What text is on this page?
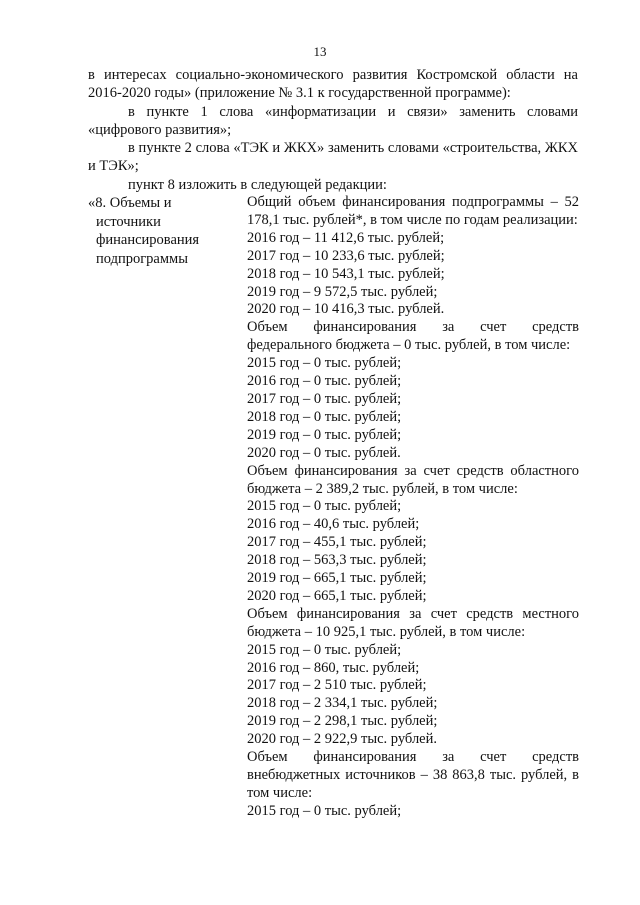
13

в интересах социально-экономического развития Костромской области на 2016-2020 годы» (приложение № 3.1 к государственной программе):

в пункте 1 слова «информатизации и связи» заменить словами «цифрового развития»;

в пункте 2 слова «ТЭК и ЖКХ» заменить словами «строительства, ЖКХ и ТЭК»;

пункт 8 изложить в следующей редакции:

«8. Объемы и
источники
финансирования
подпрограммы
Общий объем финансирования подпрограммы – 52 178,1 тыс. рублей*, в том числе по годам реализации:
2016 год – 11 412,6 тыс. рублей;
2017 год – 10 233,6 тыс. рублей;
2018 год – 10 543,1 тыс. рублей;
2019 год – 9 572,5 тыс. рублей;
2020 год – 10 416,3 тыс. рублей.
Объем финансирования за счет средств федерального бюджета – 0 тыс. рублей, в том числе:
2015 год – 0 тыс. рублей;
2016 год – 0 тыс. рублей;
2017 год – 0 тыс. рублей;
2018 год – 0 тыс. рублей;
2019 год – 0 тыс. рублей;
2020 год – 0 тыс. рублей.
Объем финансирования за счет средств областного бюджета – 2 389,2 тыс. рублей, в том числе:
2015 год – 0 тыс. рублей;
2016 год – 40,6 тыс. рублей;
2017 год – 455,1 тыс. рублей;
2018 год – 563,3 тыс. рублей;
2019 год – 665,1 тыс. рублей;
2020 год – 665,1 тыс. рублей;
Объем финансирования за счет средств местного бюджета – 10 925,1 тыс. рублей, в том числе:
2015 год – 0 тыс. рублей;
2016 год – 860, тыс. рублей;
2017 год – 2 510 тыс. рублей;
2018 год – 2 334,1 тыс. рублей;
2019 год – 2 298,1 тыс. рублей;
2020 год – 2 922,9 тыс. рублей.
Объем финансирования за счет средств внебюджетных источников – 38 863,8 тыс. рублей, в том числе:
2015 год – 0 тыс. рублей;
